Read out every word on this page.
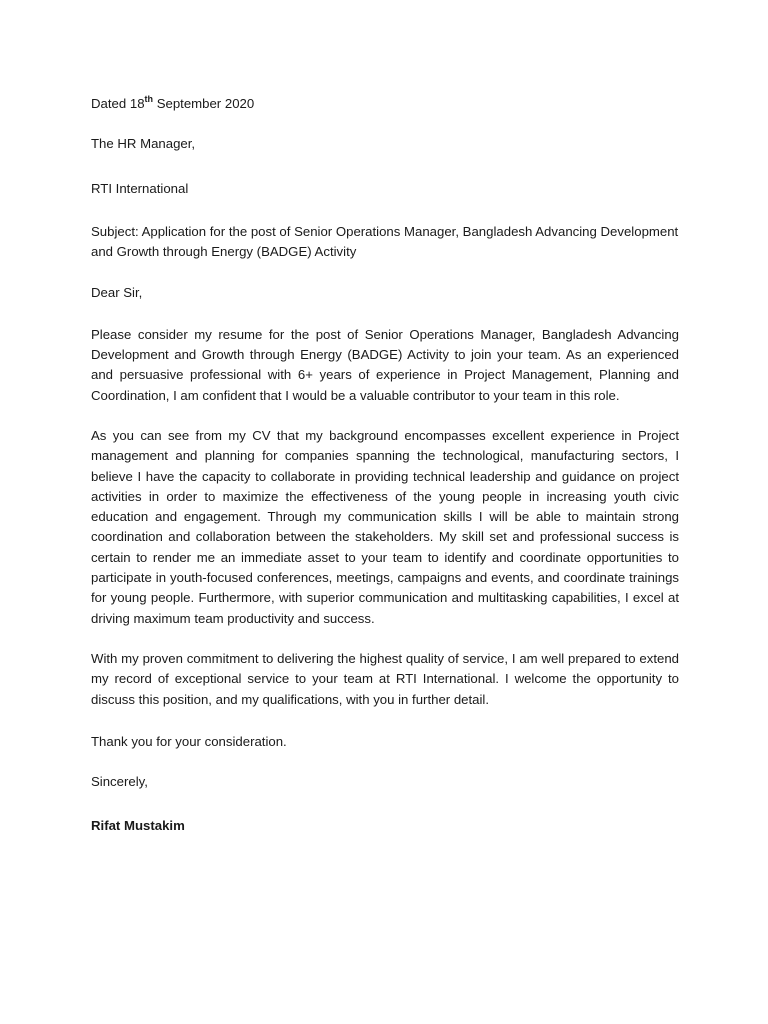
Dated 18th September 2020

The HR Manager,

RTI International

Subject: Application for the post of Senior Operations Manager, Bangladesh Advancing Development and Growth through Energy (BADGE) Activity

Dear Sir,

Please consider my resume for the post of Senior Operations Manager, Bangladesh Advancing Development and Growth through Energy (BADGE) Activity to join your team. As an experienced and persuasive professional with 6+ years of experience in Project Management, Planning and Coordination, I am confident that I would be a valuable contributor to your team in this role.

As you can see from my CV that my background encompasses excellent experience in Project management and planning for companies spanning the technological, manufacturing sectors, I believe I have the capacity to collaborate in providing technical leadership and guidance on project activities in order to maximize the effectiveness of the young people in increasing youth civic education and engagement. Through my communication skills I will be able to maintain strong coordination and collaboration between the stakeholders. My skill set and professional success is certain to render me an immediate asset to your team to identify and coordinate opportunities to participate in youth-focused conferences, meetings, campaigns and events, and coordinate trainings for young people. Furthermore, with superior communication and multitasking capabilities, I excel at driving maximum team productivity and success.

With my proven commitment to delivering the highest quality of service, I am well prepared to extend my record of exceptional service to your team at RTI International. I welcome the opportunity to discuss this position, and my qualifications, with you in further detail.

Thank you for your consideration.

Sincerely,

Rifat Mustakim
